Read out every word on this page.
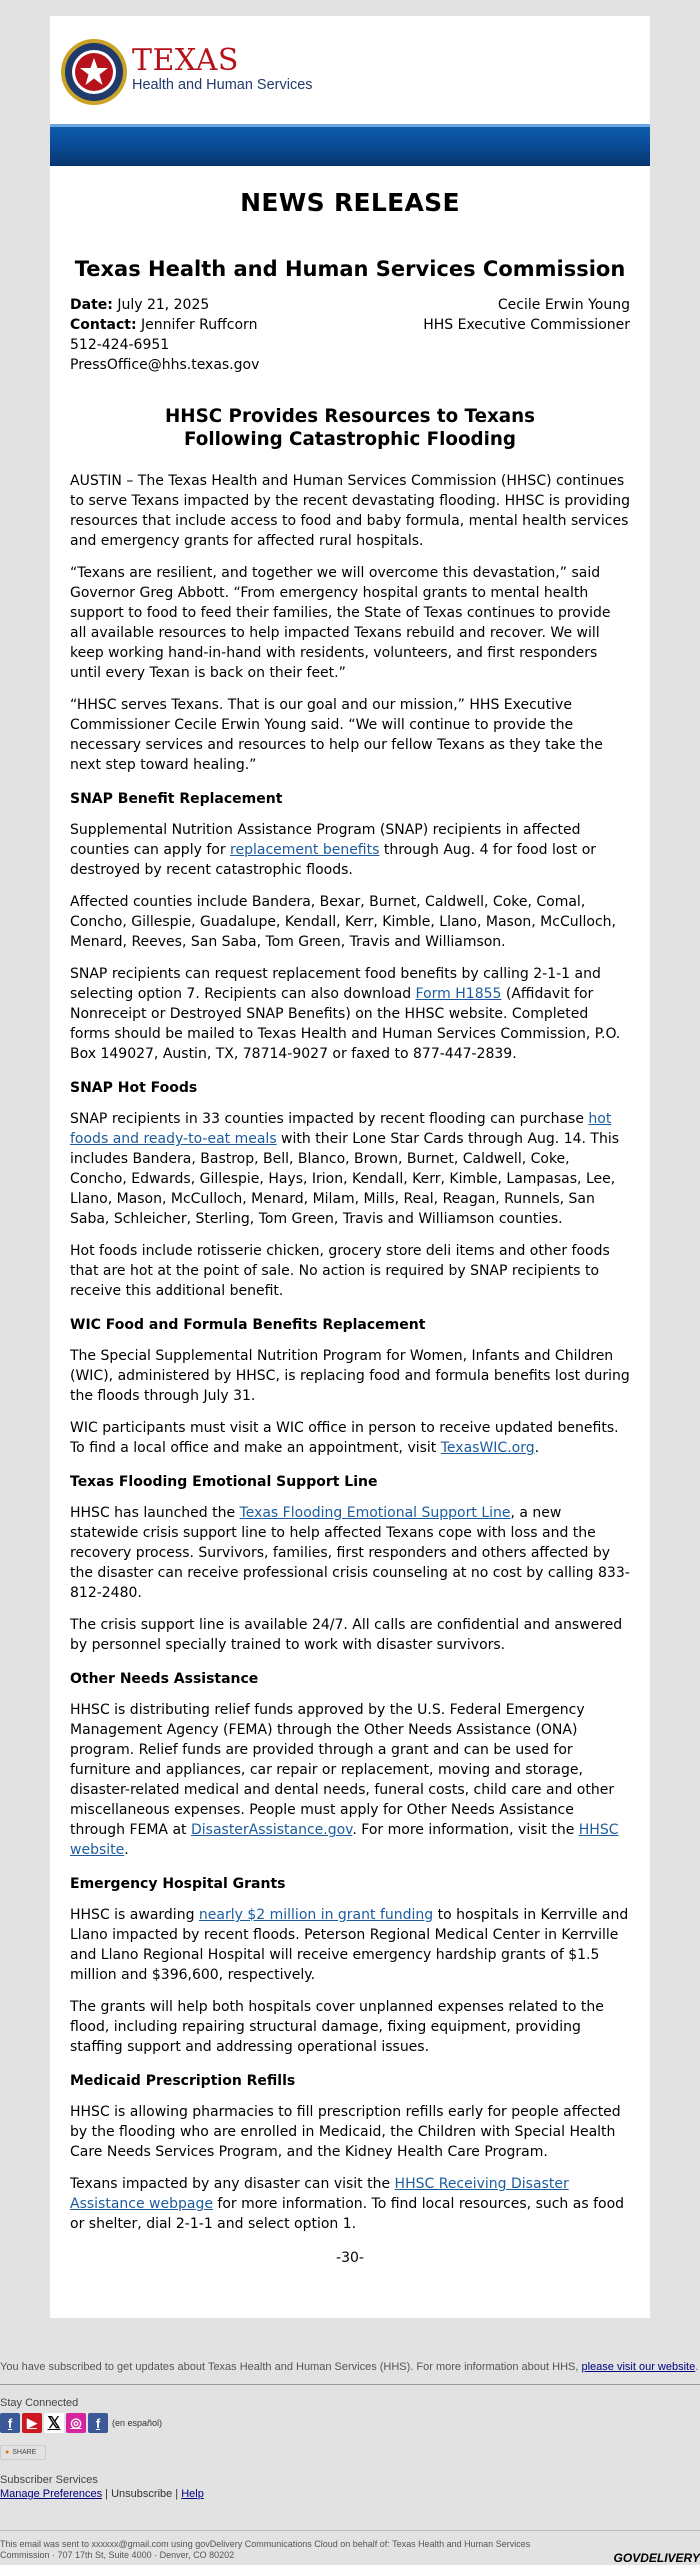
TEXAS
Health and Human Services
NEWS RELEASE
Texas Health and Human Services Commission
Date: July 21, 2025
Contact: Jennifer Ruffcorn
512-424-6951
PressOffice@hhs.texas.gov
Cecile Erwin Young
HHS Executive Commissioner
HHSC Provides Resources to Texans
Following Catastrophic Flooding

AUSTIN – The Texas Health and Human Services Commission (HHSC) continues to serve Texans impacted by the recent devastating flooding. HHSC is providing resources that include access to food and baby formula, mental health services and emergency grants for affected rural hospitals.

“Texans are resilient, and together we will overcome this devastation,” said Governor Greg Abbott. “From emergency hospital grants to mental health support to food to feed their families, the State of Texas continues to provide all available resources to help impacted Texans rebuild and recover. We will keep working hand-in-hand with residents, volunteers, and first responders until every Texan is back on their feet.”

“HHSC serves Texans. That is our goal and our mission,” HHS Executive Commissioner Cecile Erwin Young said. “We will continue to provide the necessary services and resources to help our fellow Texans as they take the next step toward healing.”

SNAP Benefit Replacement

Supplemental Nutrition Assistance Program (SNAP) recipients in affected counties can apply for replacement benefits through Aug. 4 for food lost or destroyed by recent catastrophic floods.

Affected counties include Bandera, Bexar, Burnet, Caldwell, Coke, Comal, Concho, Gillespie, Guadalupe, Kendall, Kerr, Kimble, Llano, Mason, McCulloch, Menard, Reeves, San Saba, Tom Green, Travis and Williamson.

SNAP recipients can request replacement food benefits by calling 2-1-1 and selecting option 7. Recipients can also download Form H1855 (Affidavit for Nonreceipt or Destroyed SNAP Benefits) on the HHSC website. Completed forms should be mailed to Texas Health and Human Services Commission, P.O. Box 149027, Austin, TX, 78714-9027 or faxed to 877-447-2839.

SNAP Hot Foods

SNAP recipients in 33 counties impacted by recent flooding can purchase hot foods and ready-to-eat meals with their Lone Star Cards through Aug. 14. This includes Bandera, Bastrop, Bell, Blanco, Brown, Burnet, Caldwell, Coke, Concho, Edwards, Gillespie, Hays, Irion, Kendall, Kerr, Kimble, Lampasas, Lee, Llano, Mason, McCulloch, Menard, Milam, Mills, Real, Reagan, Runnels, San Saba, Schleicher, Sterling, Tom Green, Travis and Williamson counties.

Hot foods include rotisserie chicken, grocery store deli items and other foods that are hot at the point of sale. No action is required by SNAP recipients to receive this additional benefit.

WIC Food and Formula Benefits Replacement

The Special Supplemental Nutrition Program for Women, Infants and Children (WIC), administered by HHSC, is replacing food and formula benefits lost during the floods through July 31.

WIC participants must visit a WIC office in person to receive updated benefits. To find a local office and make an appointment, visit TexasWIC.org.

Texas Flooding Emotional Support Line

HHSC has launched the Texas Flooding Emotional Support Line, a new statewide crisis support line to help affected Texans cope with loss and the recovery process. Survivors, families, first responders and others affected by the disaster can receive professional crisis counseling at no cost by calling 833-812-2480.

The crisis support line is available 24/7. All calls are confidential and answered by personnel specially trained to work with disaster survivors.

Other Needs Assistance

HHSC is distributing relief funds approved by the U.S. Federal Emergency Management Agency (FEMA) through the Other Needs Assistance (ONA) program. Relief funds are provided through a grant and can be used for furniture and appliances, car repair or replacement, moving and storage, disaster-related medical and dental needs, funeral costs, child care and other miscellaneous expenses. People must apply for Other Needs Assistance through FEMA at DisasterAssistance.gov. For more information, visit the HHSC website.

Emergency Hospital Grants

HHSC is awarding nearly $2 million in grant funding to hospitals in Kerrville and Llano impacted by recent floods. Peterson Regional Medical Center in Kerrville and Llano Regional Hospital will receive emergency hardship grants of $1.5 million and $396,600, respectively.

The grants will help both hospitals cover unplanned expenses related to the flood, including repairing structural damage, fixing equipment, providing staffing support and addressing operational issues.

Medicaid Prescription Refills

HHSC is allowing pharmacies to fill prescription refills early for people affected by the flooding who are enrolled in Medicaid, the Children with Special Health Care Needs Services Program, and the Kidney Health Care Program.

Texans impacted by any disaster can visit the HHSC Receiving Disaster Assistance webpage for more information. To find local resources, such as food or shelter, dial 2-1-1 and select option 1.

-30-
You have subscribed to get updates about Texas Health and Human Services (HHS). For more information about HHS, please visit our website.
Stay Connected
f	▶ 𝕏 ◎	f	(en español)
● SHARE
Subscriber Services
Manage Preferences | Unsubscribe | Help
This email was sent to xxxxxx@gmail.com using govDelivery Communications Cloud on behalf of: Texas Health and Human Services Commission · 707 17th St, Suite 4000 · Denver, CO 80202	GOVDELIVERY
